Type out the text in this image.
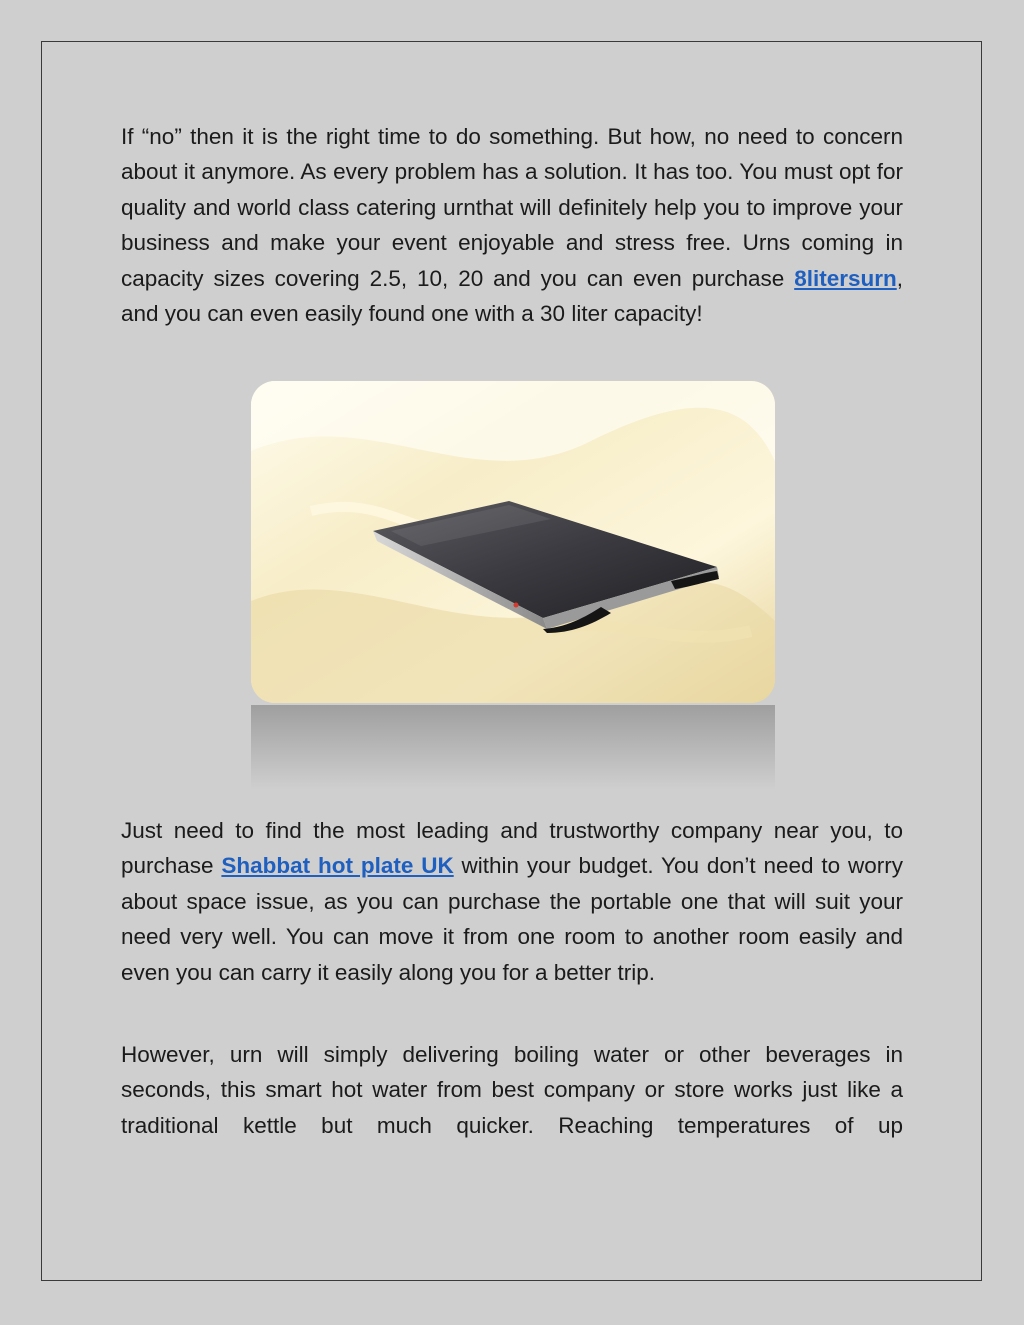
If “no” then it is the right time to do something. But how, no need to concern about it anymore. As every problem has a solution. It has too. You must opt for quality and world class catering urnthat will definitely help you to improve your business and make your event enjoyable and stress free. Urns coming in capacity sizes covering 2.5, 10, 20 and you can even purchase 8litersurn, and you can even easily found one with a 30 liter capacity!

Just need to find the most leading and trustworthy company near you, to purchase Shabbat hot plate UK within your budget. You don’t need to worry about space issue, as you can purchase the portable one that will suit your need very well. You can move it from one room to another room easily and even you can carry it easily along you for a better trip.

However, urn will simply delivering boiling water or other beverages in seconds, this smart hot water from best company or store works just like a traditional kettle but much quicker. Reaching temperatures of up
